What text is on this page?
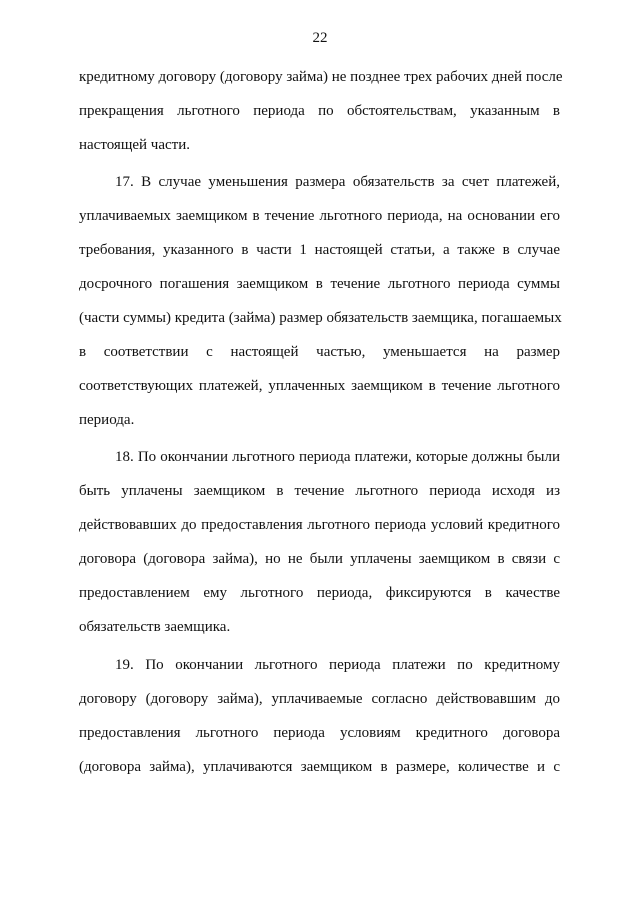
22
кредитному договору (договору займа) не позднее трех рабочих дней после
прекращения льготного периода по обстоятельствам, указанным в
настоящей части.
17. В случае уменьшения размера обязательств за счет платежей,
уплачиваемых заемщиком в течение льготного периода, на основании его
требования, указанного в части 1 настоящей статьи, а также в случае
досрочного погашения заемщиком в течение льготного периода суммы
(части суммы) кредита (займа) размер обязательств заемщика, погашаемых
в соответствии с настоящей частью, уменьшается на размер
соответствующих платежей, уплаченных заемщиком в течение льготного
периода.
18. По окончании льготного периода платежи, которые должны были
быть уплачены заемщиком в течение льготного периода исходя из
действовавших до предоставления льготного периода условий кредитного
договора (договора займа), но не были уплачены заемщиком в связи с
предоставлением ему льготного периода, фиксируются в качестве
обязательств заемщика.
19. По окончании льготного периода платежи по кредитному
договору (договору займа), уплачиваемые согласно действовавшим до
предоставления льготного периода условиям кредитного договора
(договора займа), уплачиваются заемщиком в размере, количестве и с
